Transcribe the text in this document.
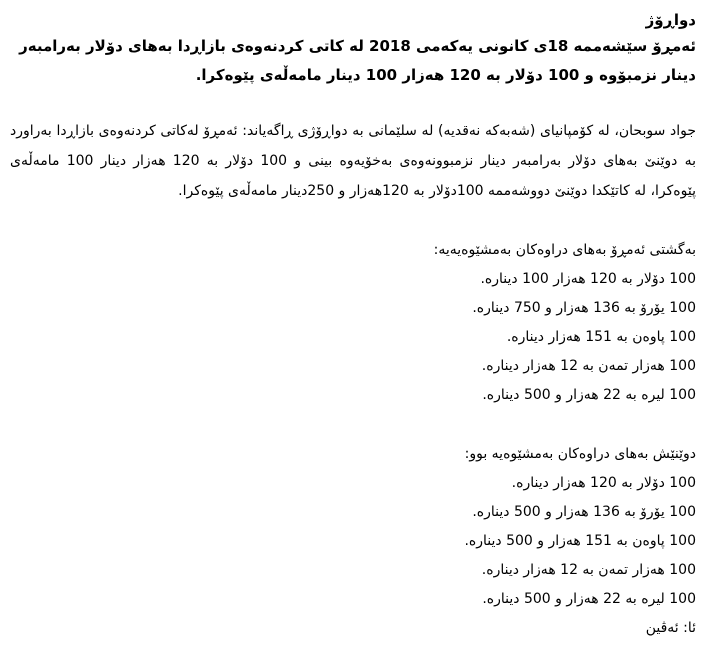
دواڕۆژ

ئەمڕۆ سێشەممە 18ی کانونی یەکەمی 2018 لە کاتی کردنەوەی بازاڕدا بەهای دۆلار بەرامبەر دینار نزمبۆوە و 100 دۆلار بە 120 هەزار 100 دینار مامەڵەی پێوەکرا.

جواد سوبحان، لە کۆمپانیای (شەبەکە نەقدیە) لە سلێمانی بە دواڕۆژی ڕاگەیاند: ئەمڕۆ لەکاتی کردنەوەی بازاڕدا بەراورد بە دوێنێ بەهای دۆلار بەرامبەر دینار نزمبوونەوەی بەخۆیەوە بینی و 100 دۆلار بە 120 هەزار دینار 100 مامەڵەی پێوەکرا، لە کاتێکدا دوێنێ دووشەممە 100دۆلار بە 120هەزار و 250دینار مامەڵەی پێوەکرا.

بەگشتی ئەمڕۆ بەهای دراوەکان بەمشێوەیەیە:

100 دۆلار بە 120 هەزار 100 دینارە.
100 یۆرۆ بە 136 هەزار و 750 دینارە.
100 پاوەن بە 151 هەزار دینارە.
100 هەزار تمەن بە 12 هەزار دینارە.
100 لیرە بە 22 هەزار و 500 دینارە.

دوێنێش بەهای دراوەکان بەمشێوەیە بوو:

100 دۆلار بە 120 هەزار دینارە.
100 یۆرۆ بە 136 هەزار و 500 دینارە.
100 پاوەن بە 151 هەزار و 500 دینارە.
100 هەزار تمەن بە 12 هەزار دینارە.
100 لیرە بە 22 هەزار و 500 دینارە.

ئا: ئەڤین
